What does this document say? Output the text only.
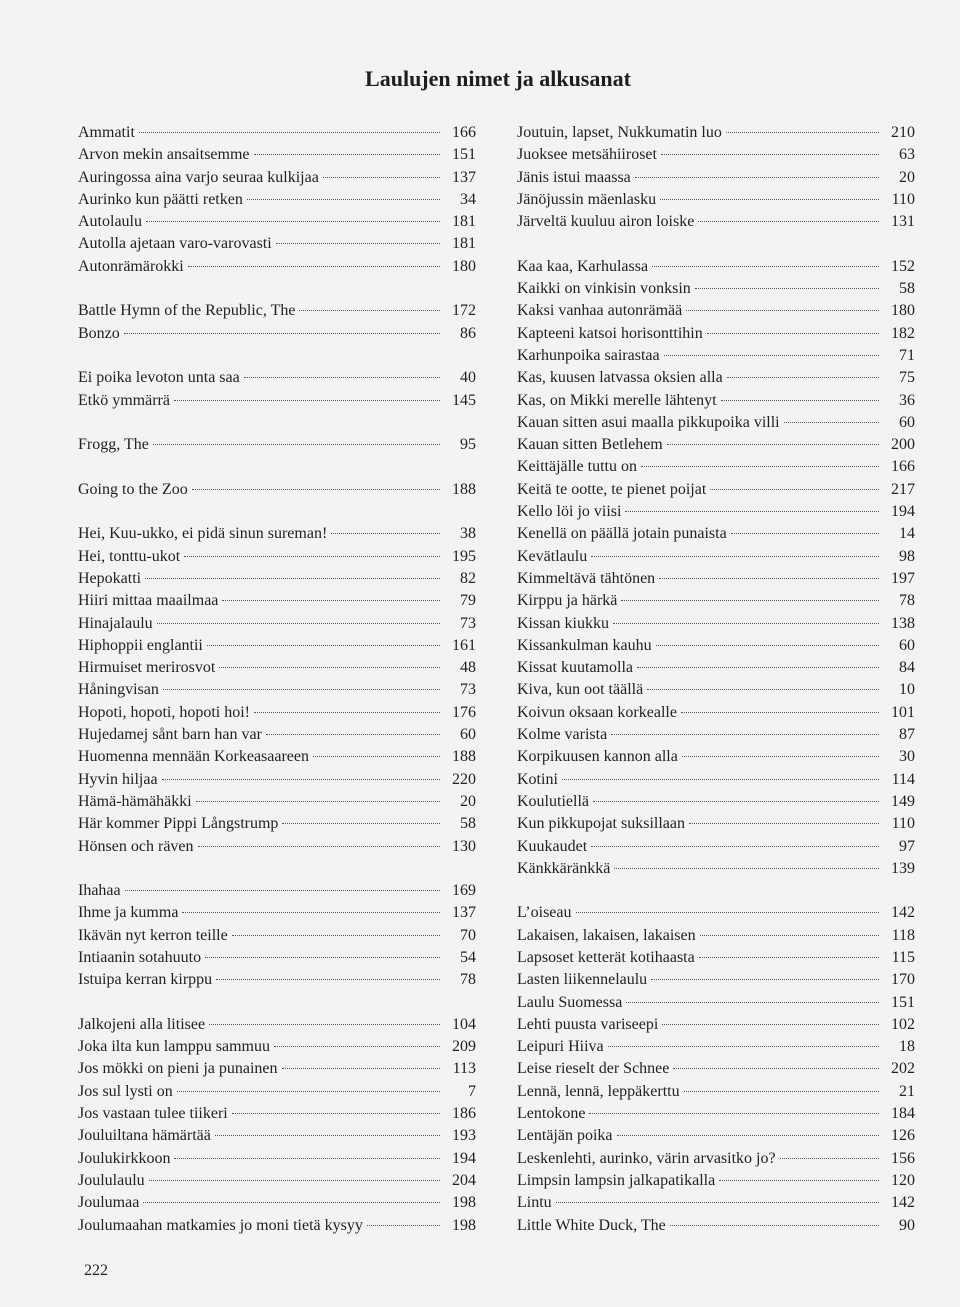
Laulujen nimet ja alkusanat
Ammatit	166
Arvon mekin ansaitsemme	151
Auringossa aina varjo seuraa kulkijaa	137
Aurinko kun päätti retken	34
Autolaulu	181
Autolla ajetaan varo-varovasti	181
Autonrämärokki	180
Battle Hymn of the Republic, The	172
Bonzo	86
Ei poika levoton unta saa	40
Etkö ymmärrä	145
Frogg, The	95
Going to the Zoo	188
Hei, Kuu-ukko, ei pidä sinun sureman!	38
Hei, tonttu-ukot	195
Hepokatti	82
Hiiri mittaa maailmaa	79
Hinajalaulu	73
Hiphoppii englantii	161
Hirmuiset merirosvot	48
Håningvisan	73
Hopoti, hopoti, hopoti hoi!	176
Hujedamej sånt barn han var	60
Huomenna mennään Korkeasaareen	188
Hyvin hiljaa	220
Hämä-hämähäkki	20
Här kommer Pippi Långstrump	58
Hönsen och räven	130
Ihahaa	169
Ihme ja kumma	137
Ikävän nyt kerron teille	70
Intiaanin sotahuuto	54
Istuipa kerran kirppu	78
Jalkojeni alla litisee	104
Joka ilta kun lamppu sammuu	209
Jos mökki on pieni ja punainen	113
Jos sul lysti on	7
Jos vastaan tulee tiikeri	186
Jouluiltana hämärtää	193
Joulukirkkoon	194
Joululaulu	204
Joulumaa	198
Joulumaahan matkamies jo moni tietä kysyy	198
Joutuin, lapset, Nukkumatin luo	210
Juoksee metsähiiroset	63
Jänis istui maassa	20
Jänöjussin mäenlasku	110
Järveltä kuuluu airon loiske	131
Kaa kaa, Karhulassa	152
Kaikki on vinkisin vonksin	58
Kaksi vanhaa autonrämää	180
Kapteeni katsoi horisonttihin	182
Karhunpoika sairastaa	71
Kas, kuusen latvassa oksien alla	75
Kas, on Mikki merelle lähtenyt	36
Kauan sitten asui maalla pikkupoika villi	60
Kauan sitten Betlehem	200
Keittäjälle tuttu on	166
Keitä te ootte, te pienet poijat	217
Kello löi jo viisi	194
Kenellä on päällä jotain punaista	14
Kevätlaulu	98
Kimmeltävä tähtönen	197
Kirppu ja härkä	78
Kissan kiukku	138
Kissankulman kauhu	60
Kissat kuutamolla	84
Kiva, kun oot täällä	10
Koivun oksaan korkealle	101
Kolme varista	87
Korpikuusen kannon alla	30
Kotini	114
Koulutiellä	149
Kun pikkupojat suksillaan	110
Kuukaudet	97
Känkkäränkkä	139
L’oiseau	142
Lakaisen, lakaisen, lakaisen	118
Lapsoset ketterät kotihaasta	115
Lasten liikennelaulu	170
Laulu Suomessa	151
Lehti puusta variseepi	102
Leipuri Hiiva	18
Leise rieselt der Schnee	202
Lennä, lennä, leppäkerttu	21
Lentokone	184
Lentäjän poika	126
Leskenlehti, aurinko, värin arvasitko jo?	156
Limpsin lampsin jalkapatikalla	120
Lintu	142
Little White Duck, The	90
222
